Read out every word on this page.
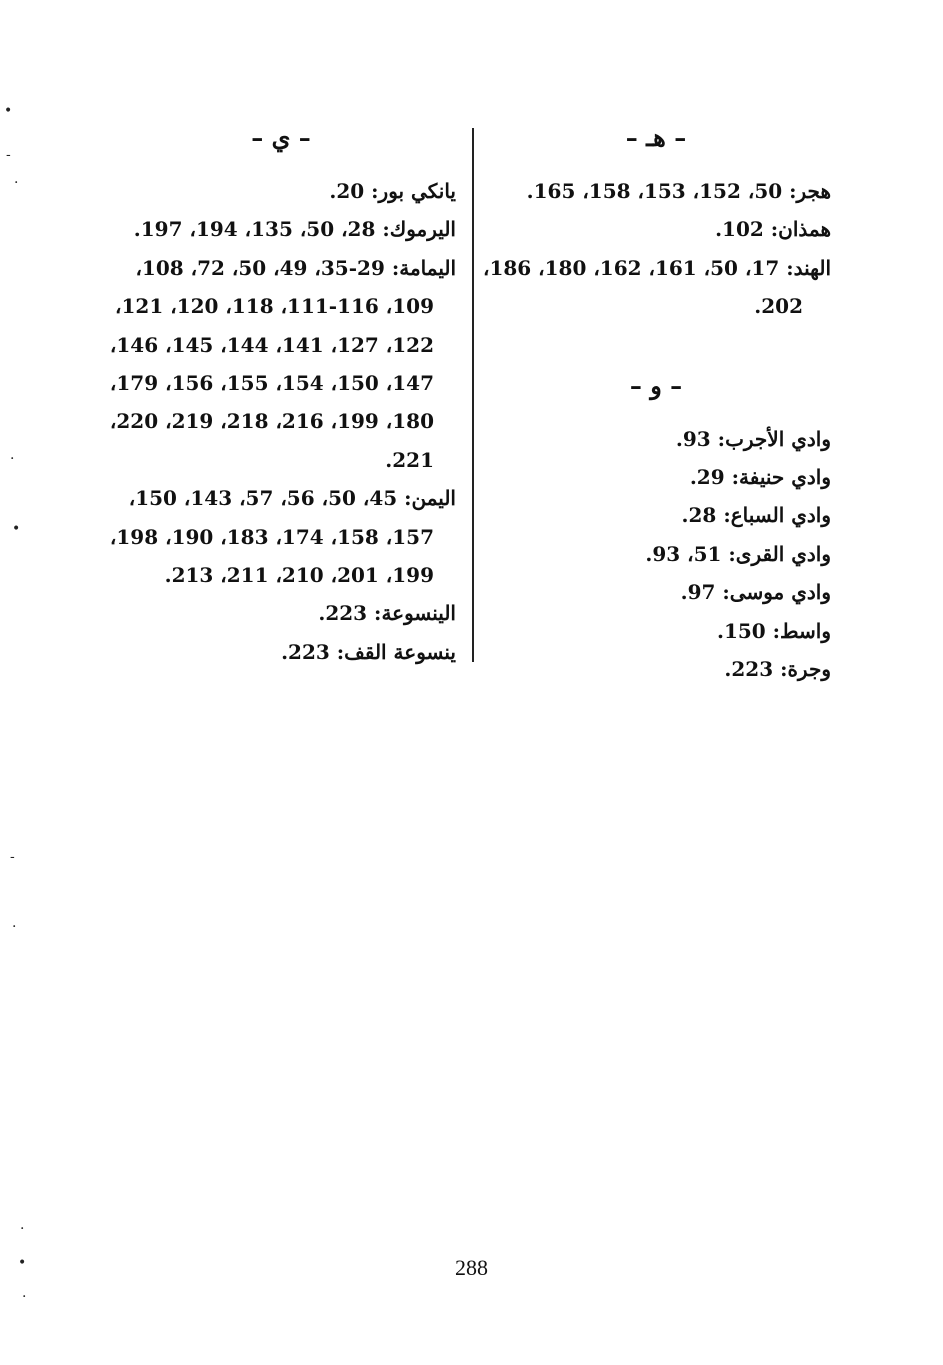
– هـ –
هجر: 50، 152، 153، 158، 165.
همذان: 102.
الهند: 17، 50، 161، 162، 180، 186،
202.
– و –
وادي الأجرب: 93.
وادي حنيفة: 29.
وادي السباع: 28.
وادي القرى: 51، 93.
وادي موسى: 97.
واسط: 150.
وجرة: 223.
– ي –
يانكي بور: 20.
اليرموك: 28، 50، 135، 194، 197.
اليمامة: 29-35، 49، 50، 72، 108،
109، 111-116، 118، 120، 121،
122، 127، 141، 144، 145، 146،
147، 150، 154، 155، 156، 179،
180، 199، 216، 218، 219، 220،
221.
اليمن: 45، 50، 56، 57، 143، 150،
157، 158، 174، 183، 190، 198،
199، 201، 210، 211، 213.
الينسوعة: 223.
ينسوعة القف: 223.
288
•
‐
·
·
•
‐
·
·
•
·
